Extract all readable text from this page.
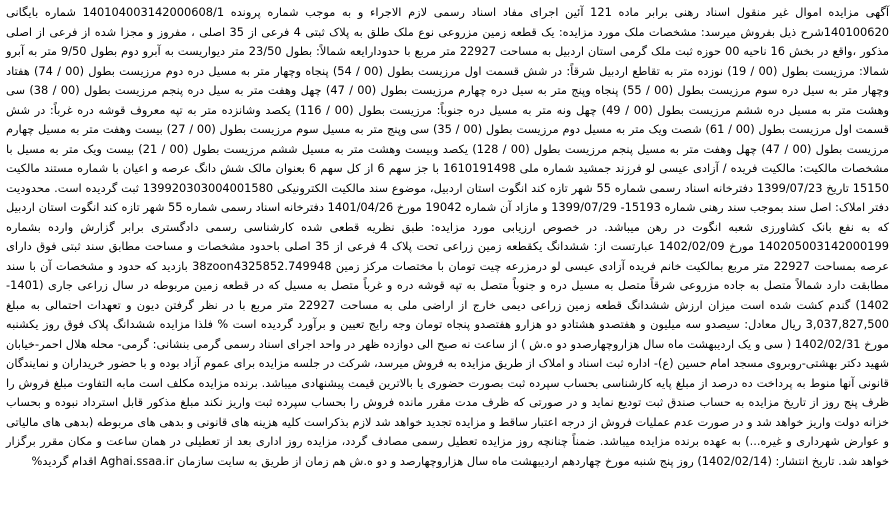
آگهی مزایده اموال غیر منقول اسناد رهنی برابر ماده 121 آئین اجرای مفاد اسناد رسمی لازم الاجراء و به موجب شماره پرونده 140104003142000608/1 شماره بایگانی 140100620شرح ذیل بفروش میرسد: مشخصات ملک مورد مزایده: یک قطعه زمین مزروعی نوع ملک طلق به پلاک ثبتی 4 فرعی از 35 اصلی ، مفروز و مجزا شده از فرعی از اصلی مذکور ،واقع در بخش 16 ناحیه 00 حوزه ثبت ملک گرمی استان اردبیل به مساحت 22927 متر مربع با حدودارایعه شمالاً: بطول 23/50 متر دیواریست به آبرو دوم بطول 9/50 متر به آبرو شمالا: مرزیست بطول (00 / 19) نوزده متر به تقاطع اردبیل شرقاً: در شش قسمت اول مرزیست بطول (00 / 54) پنجاه وچهار متر به مسیل دره دوم مرزیست بطول (00 / 74) هفتاد وچهار متر به سیل دره سوم مرزیست بطول (00 / 55) پنجاه وپنج متر به سیل دره چهارم مرزیست بطول (00 / 47) چهل وهفت متر به سیل دره پنجم مرزیست بطول (00 / 38) سی وهشت متر به مسیل دره ششم مرزیست بطول (00 / 49) چهل ونه متر به مسیل دره جنوباً: مرزیست بطول (00 / 116) یکصد وشانزده متر به تپه معروف قوشه دره غرباً: در شش قسمت اول مرزیست بطول (00 / 61) شصت ویک متر به مسیل دوم مرزیست بطول (00 / 35) سی وپنج متر به مسیل سوم مرزیست بطول (00 / 27) بیست وهفت متر به مسیل چهارم مرزیست بطول (00 / 47) چهل وهفت متر به مسیل پنجم مرزیست بطول (00 / 128) یکصد وبیست وهشت متر به مسیل ششم مرزیست بطول (00 / 21) بیست ویک متر به مسیل با مشخصات مالکیت: مالکیت فریده / آزادی عیسی لو فرزند جمشید شماره ملی 1610191498 با جز سهم 6 از کل سهم 6 بعنوان مالک شش دانگ عرصه و اعیان با شماره مستند مالکیت 15150 تاریخ 1399/07/23 دفترخانه اسناد رسمی شماره 55 شهر تازه کند انگوت استان اردبیل، موضوع سند مالکیت الکترونیکی 139920303004001580 ثبت گردیده است. محدودیت دفتر املاک: اصل سند بموجب سند رهنی شماره 15193- 1399/07/29 و مازاد آن شماره 19042 مورخ 1401/04/26 دفترخانه اسناد رسمی شماره 55 شهر تازه کند انگوت استان اردبیل که به نفع بانک کشاورزی شعبه انگوت در رهن میباشد. در خصوص ارزیابی مورد مزایده: طبق نظریه قطعی شده کارشناسی رسمی دادگستری برابر گزارش وارده بشماره 140205003142000199 مورخ 1402/02/09 عبارتست از: ششدانگ یکقطعه زمین زراعی تحت پلاک 4 فرعی از 35 اصلی باحدود مشخصات و مساحت مطابق سند ثبتی فوق دارای عرصه بمساحت 22927 متر مربع بمالکیت خانم فریده آزادی عیسی لو درمزرعه چیت تومان با مختصات مرکز زمین 38zoon4325852.749948 بازدید که حدود و مشخصات آن با سند مطابقت دارد شمالاً متصل به جاده مزروعی شرقاً متصل به مسیل دره و جنوباً متصل به تپه قوشه دره و غرباً متصل به مسیل که در قطعه زمین مربوطه در سال زراعی جاری (1401-1402) گندم کشت شده است میزان ارزش ششدانگ قطعه زمین زراعی دیمی خارج از اراضی ملی به مساحت 22927 متر مربع با در نظر گرفتن دیون و تعهدات احتمالی به مبلغ 3,037,827,500 ریال معادل: سیصدو سه میلیون و هفتصدو هشتادو دو هزارو هفتصدو پنجاه تومان وجه رایج تعیین و برآورد گردیده است % فلذا مزایده ششدانگ پلاک فوق روز یکشنبه مورخ 1402/02/31 ( سی و یک اردیبهشت ماه سال هزاروچهارصدو دو ه.ش ) از ساعت نه صبح الی دوازده ظهر در واحد اجرای اسناد رسمی گرمی بنشانی: گرمی- محله هلال احمر-خیابان شهید دکتر بهشتی-روبروی مسجد امام حسین (ع)- اداره ثبت اسناد و املاک از طریق مزایده به فروش میرسد، شرکت در جلسه مزایده برای عموم آزاد بوده و با حضور خریداران و نمایندگان قانونی آنها منوط به پرداخت ده درصد از مبلغ پایه کارشناسی بحساب سپرده ثبت بصورت حضوری یا بالاترین قیمت پیشنهادی میباشد. برنده مزایده مکلف است مابه التفاوت مبلغ فروش را ظرف پنج روز از تاریخ مزایده به حساب صندق ثبت تودیع نماید و در صورتی که ظرف مدت مقرر مانده فروش را بحساب سپرده ثبت واریز نکند مبلغ مذکور قابل استرداد نبوده و بحساب خزانه دولت واریز خواهد شد و در صورت عدم عملیات فروش از درجه اعتبار ساقط و مزایده تجدید خواهد شد لازم بذکراست کلیه هزینه های قانونی و بدهی های مربوطه (بدهی های مالیاتی و عوارض شهرداری و غیره...) به عهده برنده مزایده میباشد. ضمناً چنانچه روز مزایده تعطیل رسمی مصادف گردد، مزایده روز اداری بعد از تعطیلی در همان ساعت و مکان مقرر برگزار خواهد شد. تاریخ انتشار: (1402/02/14) روز پنج شنبه مورخ چهاردهم اردیبهشت ماه سال هزاروچهارصد و دو ه.ش هم زمان از طریق به سایت سازمان Aghai.ssaa.ir اقدام گردید%
